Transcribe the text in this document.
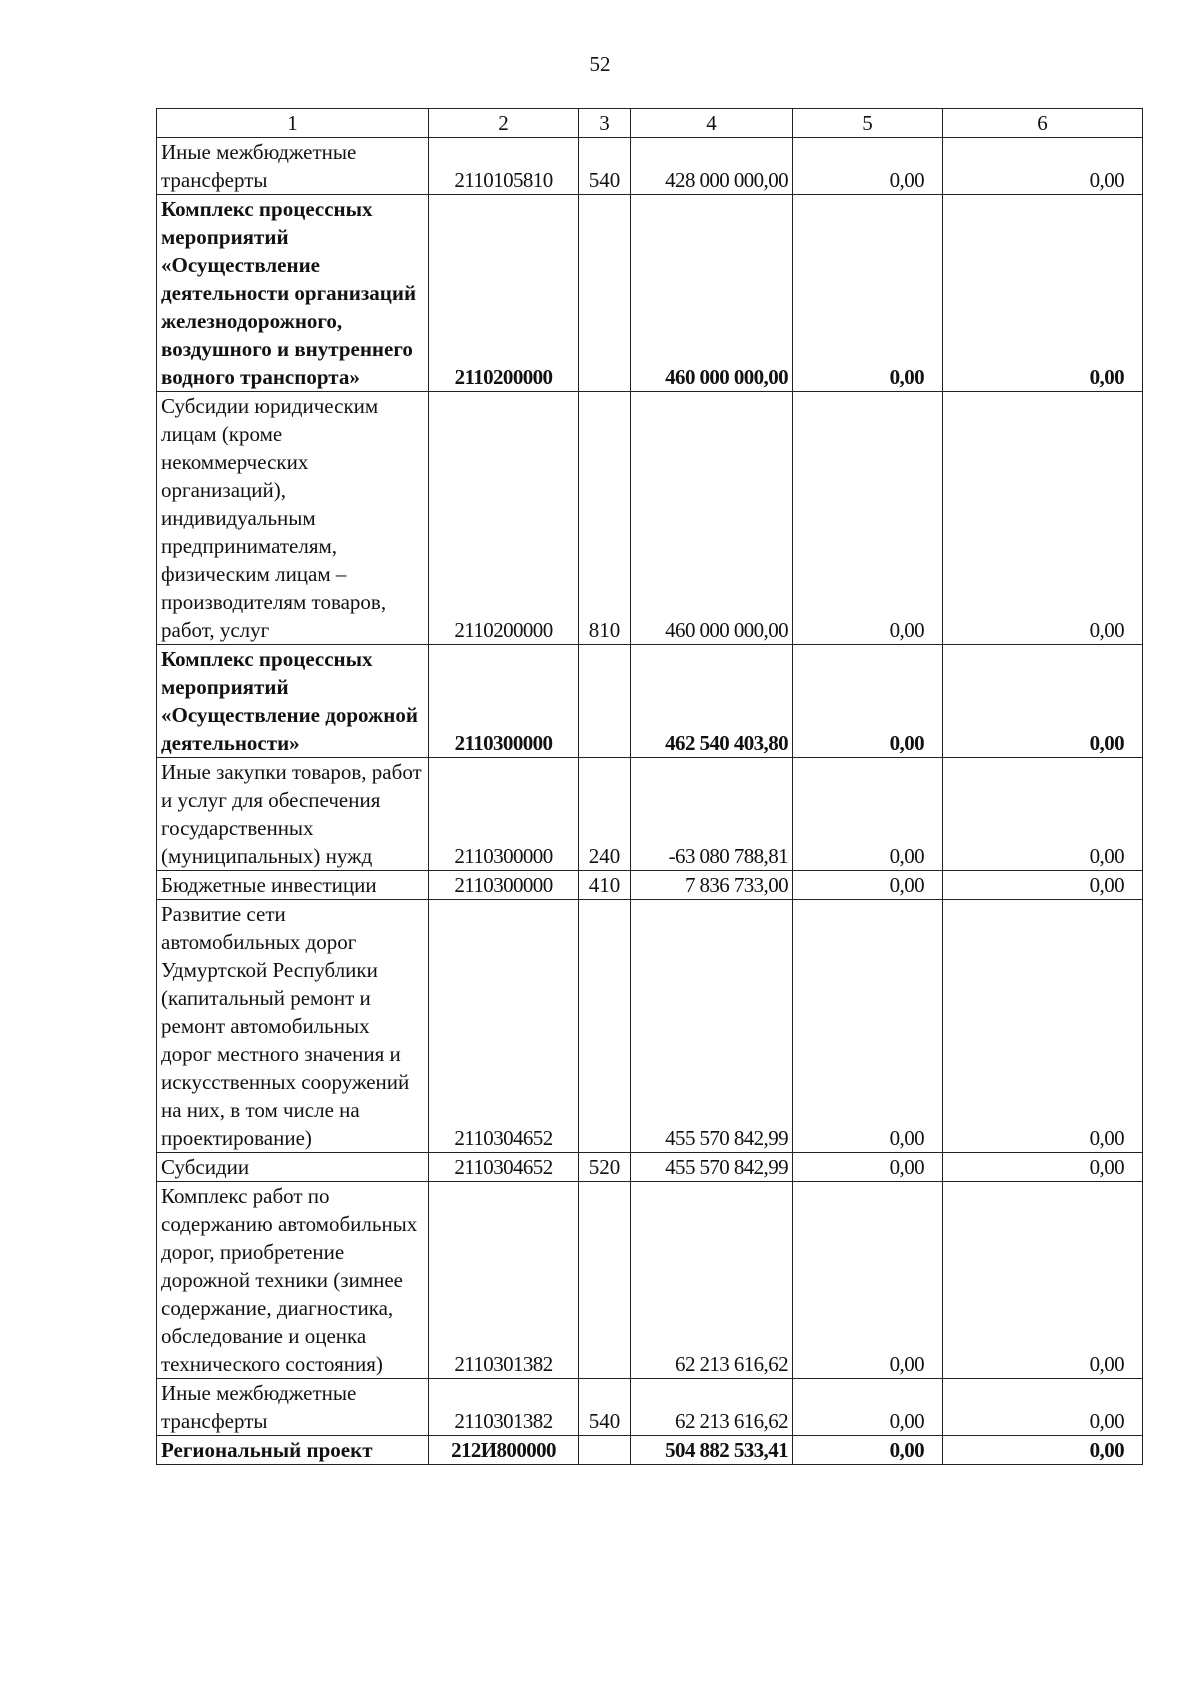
52
1	2	3	4	5	6
Иные межбюджетные трансферты	2110105810	540	428 000 000,00	0,00	0,00
Комплекс процессных мероприятий «Осуществление деятельности организаций железнодорожного, воздушного и внутреннего водного транспорта»	2110200000		460 000 000,00	0,00	0,00
Субсидии юридическим лицам (кроме некоммерческих организаций), индивидуальным предпринимателям, физическим лицам – производителям товаров, работ, услуг	2110200000	810	460 000 000,00	0,00	0,00
Комплекс процессных мероприятий «Осуществление дорожной деятельности»	2110300000		462 540 403,80	0,00	0,00
Иные закупки товаров, работ и услуг для обеспечения государственных (муниципальных) нужд	2110300000	240	-63 080 788,81	0,00	0,00
Бюджетные инвестиции	2110300000	410	7 836 733,00	0,00	0,00
Развитие сети автомобильных дорог Удмуртской Республики (капитальный ремонт и ремонт автомобильных дорог местного значения и искусственных сооружений на них, в том числе на проектирование)	2110304652		455 570 842,99	0,00	0,00
Субсидии	2110304652	520	455 570 842,99	0,00	0,00
Комплекс работ по содержанию автомобильных дорог, приобретение дорожной техники (зимнее содержание, диагностика, обследование и оценка технического состояния)	2110301382		62 213 616,62	0,00	0,00
Иные межбюджетные трансферты	2110301382	540	62 213 616,62	0,00	0,00
Региональный проект	212И800000		504 882 533,41	0,00	0,00
